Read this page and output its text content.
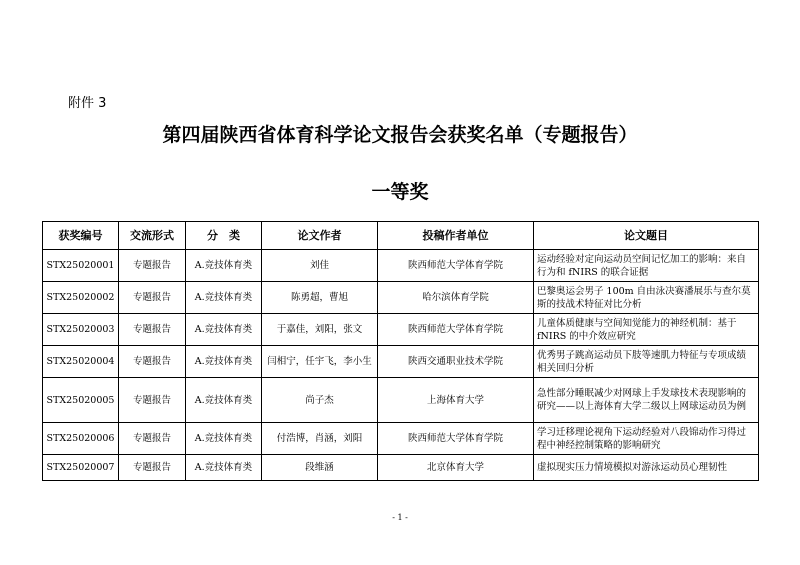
附件 3
第四届陕西省体育科学论文报告会获奖名单（专题报告）
一等奖
获奖编号	交流形式	分　类	论文作者	投稿作者单位	论文题目
STX25020001	专题报告	A.竞技体育类	刘佳	陕西师范大学体育学院	运动经验对定向运动员空间记忆加工的影响：来自行为和 fNIRS 的联合证据
STX25020002	专题报告	A.竞技体育类	陈勇超，曹旭	哈尔滨体育学院	巴黎奥运会男子 100m 自由泳决赛潘展乐与查尔莫斯的技战术特征对比分析
STX25020003	专题报告	A.竞技体育类	于嘉佳，刘阳，张文	陕西师范大学体育学院	儿童体质健康与空间知觉能力的神经机制：基于 fNIRS 的中介效应研究
STX25020004	专题报告	A.竞技体育类	闫相宁，任宇飞，李小生	陕西交通职业技术学院	优秀男子跳高运动员下肢等速肌力特征与专项成绩相关回归分析
STX25020005	专题报告	A.竞技体育类	尚子杰	上海体育大学	急性部分睡眠减少对网球上手发球技术表现影响的研究——以上海体育大学二级以上网球运动员为例
STX25020006	专题报告	A.竞技体育类	付浩博，肖涵，刘阳	陕西师范大学体育学院	学习迁移理论视角下运动经验对八段锦动作习得过程中神经控制策略的影响研究
STX25020007	专题报告	A.竞技体育类	段维涵	北京体育大学	虚拟现实压力情境模拟对游泳运动员心理韧性
- 1 -
